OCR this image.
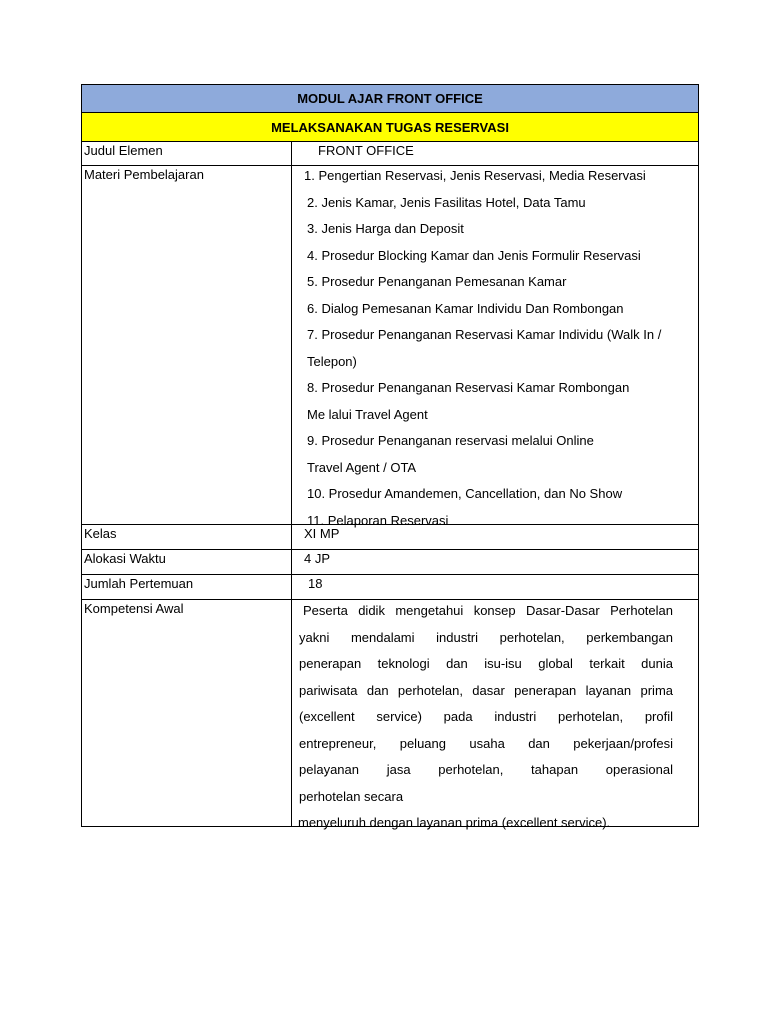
MODUL AJAR FRONT OFFICE
MELAKSANAKAN TUGAS RESERVASI
Judul Elemen	FRONT OFFICE
Materi Pembelajaran	1. Pengertian Reservasi, Jenis Reservasi, Media Reservasi
2. Jenis Kamar, Jenis Fasilitas Hotel, Data Tamu
3. Jenis Harga dan Deposit
4. Prosedur Blocking Kamar dan Jenis Formulir Reservasi
5. Prosedur Penanganan Pemesanan Kamar
6. Dialog Pemesanan Kamar Individu Dan Rombongan
7. Prosedur Penanganan Reservasi Kamar Individu (Walk In /
Telepon)
8. Prosedur Penanganan Reservasi Kamar Rombongan
Me lalui Travel Agent
9. Prosedur Penanganan reservasi melalui Online
Travel Agent / OTA
10. Prosedur Amandemen, Cancellation, dan No Show
11. Pelaporan Reservasi
Kelas	XI MP
Alokasi Waktu	4 JP
Jumlah Pertemuan	18
Kompetensi Awal	Peserta didik mengetahui konsep Dasar-Dasar Perhotelan
yakni mendalami industri perhotelan, perkembangan
penerapan teknologi dan isu-isu global terkait dunia
pariwisata dan perhotelan, dasar penerapan layanan prima
(excellent service) pada industri perhotelan, profil
entrepreneur, peluang usaha dan pekerjaan/profesi
pelayanan jasa perhotelan, tahapan operasional
perhotelan secara
menyeluruh dengan layanan prima (excellent service).
